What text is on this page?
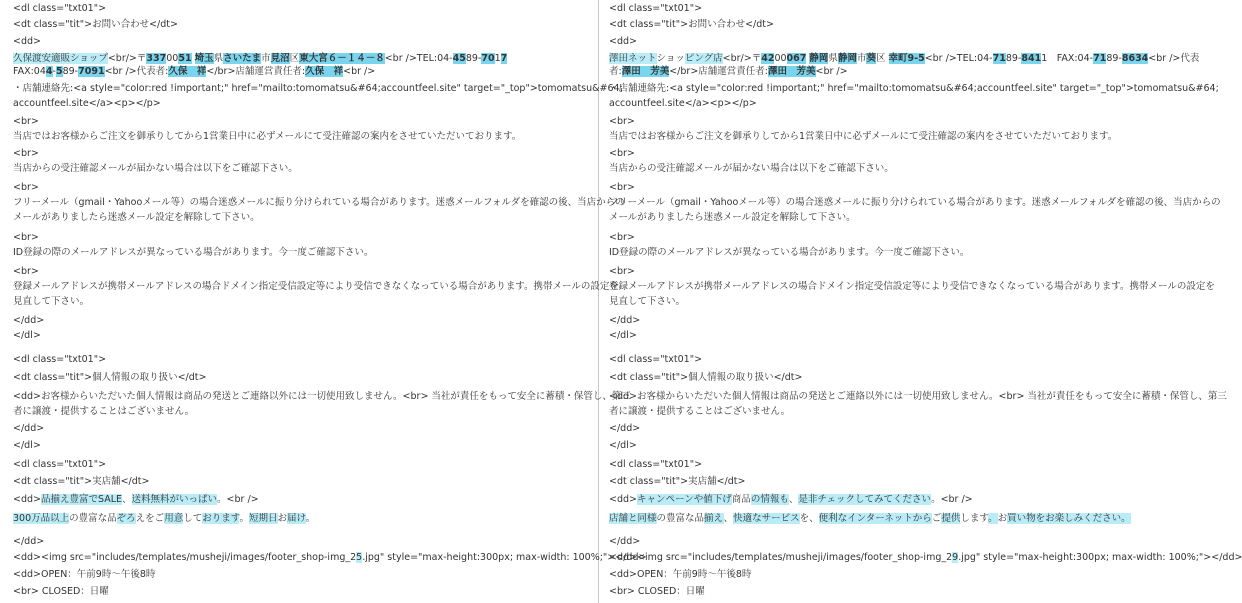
<dl class="txt01">
<dt class="tit">お問い合わせ</dt>
<dd>
久保渡安適販ショップ<br/>〒3370051 埼玉県さいたま市見沼区東大宮６－１４－８<br />TEL:04-4589-7017
FAX:044-589-7091<br />代表者:久保　祥</br>店舗運営責任者:久保　祥<br />
・店舗連絡先:<a style="color:red !important;" href="mailto:tomomatsu&#64;accountfeel.site" target="_top">tomomatsu&#64;
accountfeel.site</a><p></p>
<br>
当店ではお客様からご注文を御承りしてから1営業日中に必ずメールにて受注確認の案内をさせていただいております。
<br>
当店からの受注確認メールが届かない場合は以下をご確認下さい。
<br>
フリーメール（gmail・Yahooメール等）の場合迷惑メールに振り分けられている場合があります。迷惑メールフォルダを確認の後、当店からの
メールがありましたら迷惑メール設定を解除して下さい。
<br>
ID登録の際のメールアドレスが異なっている場合があります。今一度ご確認下さい。
<br>
登録メールアドレスが携帯メールアドレスの場合ドメイン指定受信設定等により受信できなくなっている場合があります。携帯メールの設定を
見直して下さい。
</dd>
</dl>
<dl class="txt01">
<dt class="tit">個人情報の取り扱い</dt>
<dd>お客様からいただいた個人情報は商品の発送とご連絡以外には一切使用致しません。<br> 当社が責任をもって安全に蓄積・保管し、第三
者に譲渡・提供することはございません。
</dd>
</dl>
<dl class="txt01">
<dt class="tit">実店舗</dt>
<dd>品揃え豊富でSALE、送料無料がいっぱい。<br />
300万品以上の豊富な品ぞろえをご用意しております。短期日お届け。
</dd>
<dd><img src="includes/templates/musheji/images/footer_shop-img_25.jpg" style="max-height:300px; max-width: 100%;"></dd>
<dd>OPEN：午前9時～午後8時
<br> CLOSED：日曜
<dl class="txt01">
<dt class="tit">お問い合わせ</dt>
<dd>
澤田ネットショッピング店<br/>〒4200067 静岡県静岡市葵区 幸町9-5<br />TEL:04-7189-8411　FAX:04-7189-8634<br />代表
者:澤田　芳美</br>店舗運営責任者:澤田　芳美<br />
・店舗連絡先:<a style="color:red !important;" href="mailto:tomomatsu&#64;accountfeel.site" target="_top">tomomatsu&#64;
accountfeel.site</a><p></p>
<br>
当店ではお客様からご注文を御承りしてから1営業日中に必ずメールにて受注確認の案内をさせていただいております。
<br>
当店からの受注確認メールが届かない場合は以下をご確認下さい。
<br>
フリーメール（gmail・Yahooメール等）の場合迷惑メールに振り分けられている場合があります。迷惑メールフォルダを確認の後、当店からの
メールがありましたら迷惑メール設定を解除して下さい。
<br>
ID登録の際のメールアドレスが異なっている場合があります。今一度ご確認下さい。
<br>
登録メールアドレスが携帯メールアドレスの場合ドメイン指定受信設定等により受信できなくなっている場合があります。携帯メールの設定を
見直して下さい。
</dd>
</dl>
<dl class="txt01">
<dt class="tit">個人情報の取り扱い</dt>
<dd>お客様からいただいた個人情報は商品の発送とご連絡以外には一切使用致しません。<br> 当社が責任をもって安全に蓄積・保管し、第三
者に譲渡・提供することはございません。
</dd>
</dl>
<dl class="txt01">
<dt class="tit">実店舗</dt>
<dd>キャンペーンや値下げ商品の情報も、是非チェックしてみてください。<br />
店舗と同様の豊富な品揃え、快適なサービスを、便利なインターネットからご提供します。お買い物をお楽しみください。
</dd>
<dd><img src="includes/templates/musheji/images/footer_shop-img_29.jpg" style="max-height:300px; max-width: 100%;"></dd>
<dd>OPEN：午前9時～午後8時
<br> CLOSED：日曜
